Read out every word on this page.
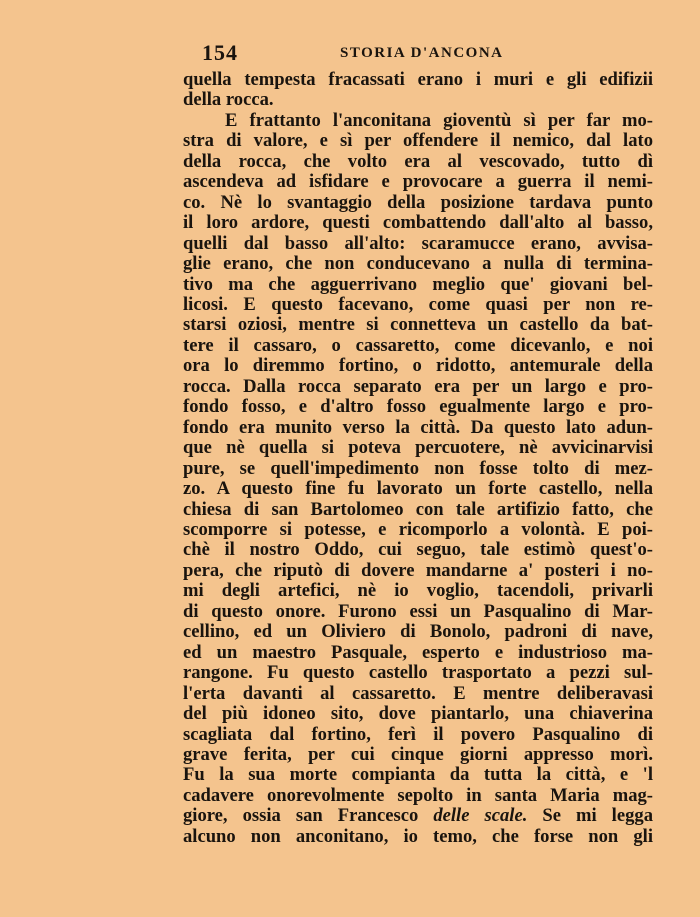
154	STORIA D'ANCONA
quella tempesta fracassati erano i muri e gli edifizii
della rocca.
E frattanto l'anconitana gioventù sì per far mo-
stra di valore, e sì per offendere il nemico, dal lato
della rocca, che volto era al vescovado, tutto dì
ascendeva ad isfidare e provocare a guerra il nemi-
co. Nè lo svantaggio della posizione tardava punto
il loro ardore, questi combattendo dall'alto al basso,
quelli dal basso all'alto: scaramucce erano, avvisa-
glie erano, che non conducevano a nulla di termina-
tivo ma che agguerrivano meglio que' giovani bel-
licosi. E questo facevano, come quasi per non re-
starsi oziosi, mentre si connetteva un castello da bat-
tere il cassaro, o cassaretto, come dicevanlo, e noi
ora lo diremmo fortino, o ridotto, antemurale della
rocca. Dalla rocca separato era per un largo e pro-
fondo fosso, e d'altro fosso egualmente largo e pro-
fondo era munito verso la città. Da questo lato adun-
que nè quella si poteva percuotere, nè avvicinarvisi
pure, se quell'impedimento non fosse tolto di mez-
zo. A questo fine fu lavorato un forte castello, nella
chiesa di san Bartolomeo con tale artifizio fatto, che
scomporre si potesse, e ricomporlo a volontà. E poi-
chè il nostro Oddo, cui seguo, tale estimò quest'o-
pera, che riputò di dovere mandarne a' posteri i no-
mi degli artefici, nè io voglio, tacendoli, privarli
di questo onore. Furono essi un Pasqualino di Mar-
cellino, ed un Oliviero di Bonolo, padroni di nave,
ed un maestro Pasquale, esperto e industrioso ma-
rangone. Fu questo castello trasportato a pezzi sul-
l'erta davanti al cassaretto. E mentre deliberavasi
del più idoneo sito, dove piantarlo, una chiaverina
scagliata dal fortino, ferì il povero Pasqualino di
grave ferita, per cui cinque giorni appresso morì.
Fu la sua morte compianta da tutta la città, e 'l
cadavere onorevolmente sepolto in santa Maria mag-
giore, ossia san Francesco delle scale. Se mi legga
alcuno non anconitano, io temo, che forse non gli
